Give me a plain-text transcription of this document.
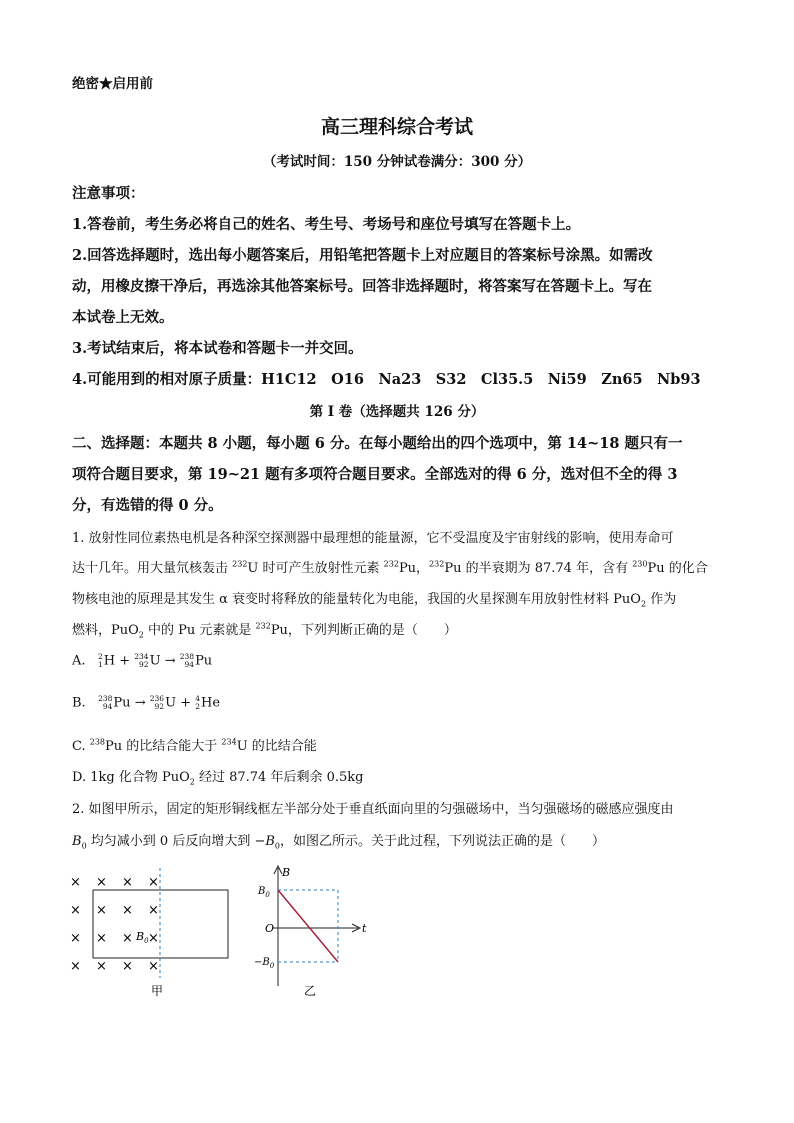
绝密★启用前
高三理科综合考试
（考试时间：150 分钟试卷满分：300 分）
注意事项：
1.答卷前，考生务必将自己的姓名、考生号、考场号和座位号填写在答题卡上。
2.回答选择题时，选出每小题答案后，用铅笔把答题卡上对应题目的答案标号涂黑。如需改
动，用橡皮擦干净后，再选涂其他答案标号。回答非选择题时，将答案写在答题卡上。写在
本试卷上无效。
3.考试结束后，将本试卷和答题卡一并交回。
4.可能用到的相对原子质量：H1C12　O16　Na23　S32　Cl35.5　Ni59　Zn65　Nb93
第 I 卷（选择题共 126 分）
二、选择题：本题共 8 小题，每小题 6 分。在每小题给出的四个选项中，第 14~18 题只有一
项符合题目要求，第 19~21 题有多项符合题目要求。全部选对的得 6 分，选对但不全的得 3
分，有选错的得 0 分。
1. 放射性同位素热电机是各种深空探测器中最理想的能量源，它不受温度及宇宙射线的影响，使用寿命可
达十几年。用大量氘核轰击 $^{232}$U 时可产生放射性元素 $^{232}$Pu，$^{232}$Pu 的半衰期为 87.74 年，含有 $^{230}$Pu 的化合
物核电池的原理是其发生 α 衰变时将释放的能量转化为电能，我国的火星探测车用放射性材料 PuO$_2$ 作为
燃料，PuO$_2$ 中的 Pu 元素就是 $^{232}$Pu，下列判断正确的是（　　）
A. 2
1H + 234
92U → 238
94Pu
B. 238
94Pu → 236
92U + 4
2He
C. $^{238}$Pu 的比结合能大于 $^{234}$U 的比结合能
D. 1kg 化合物 PuO$_2$ 经过 87.74 年后剩余 0.5kg
2. 如图甲所示，固定的矩形铜线框左半部分处于垂直纸面向里的匀强磁场中，当匀强磁场的磁感应强度由
$B_0$ 均匀减小到 0 后反向增大到 $-B_0$，如图乙所示。关于此过程，下列说法正确的是（　　）
× × × ×
× × × ×
× × × ×
× × × ×
$B_0$
甲
B
t
O
$B_0$
$-B_0$
乙
